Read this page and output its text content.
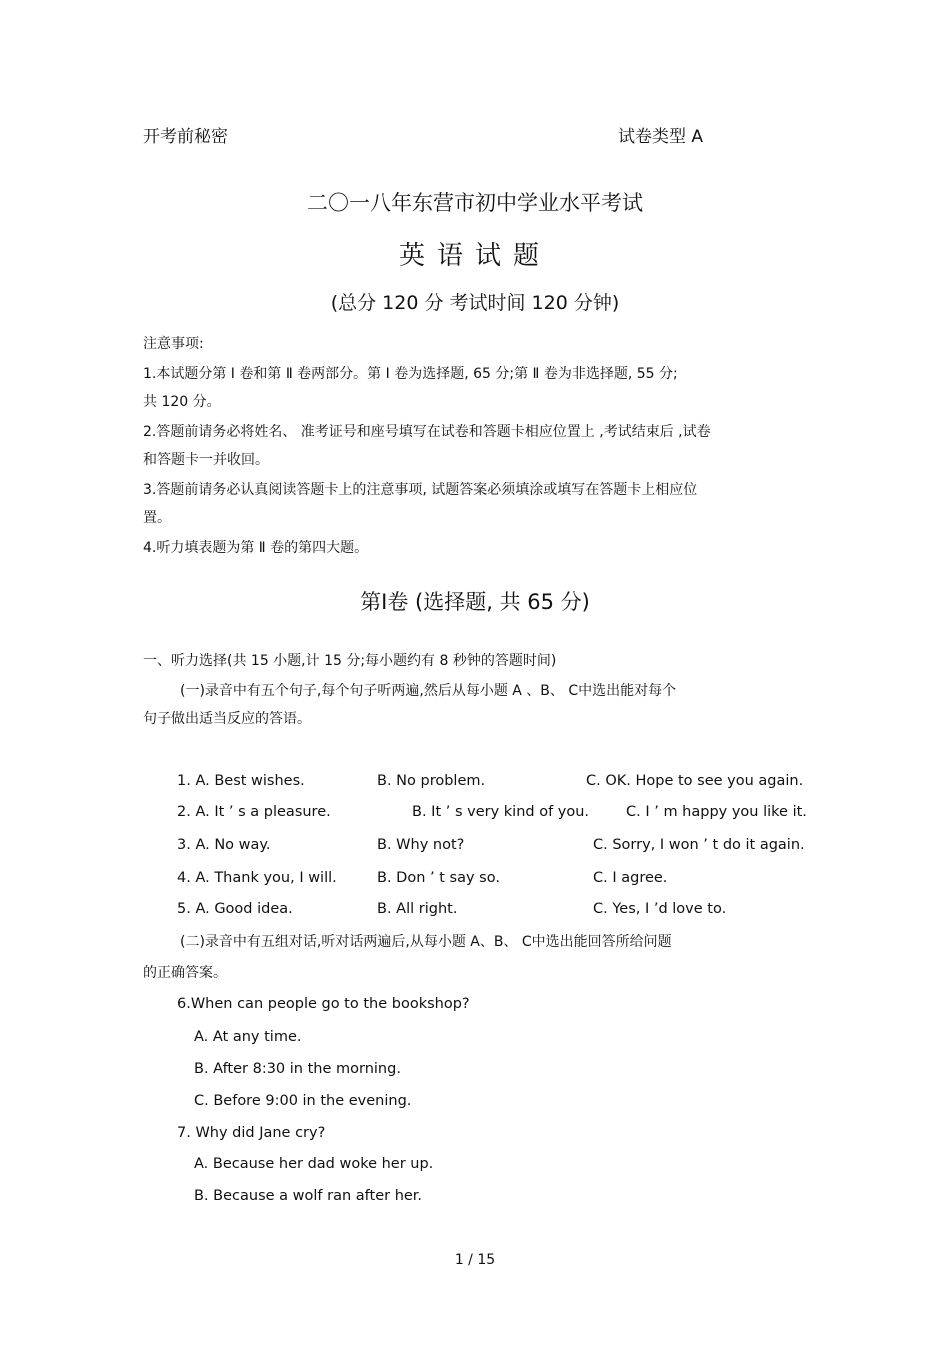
开考前秘密	试卷类型 A
二〇一八年东营市初中学业水平考试
英语试题
(总分 120 分 考试时间 120 分钟)
注意事项:
1.本试题分第 Ⅰ 卷和第 Ⅱ 卷两部分。第 Ⅰ 卷为选择题, 65 分;第 Ⅱ 卷为非选择题, 55 分;
共 120 分。
2.答题前请务必将姓名、 准考证号和座号填写在试卷和答题卡相应位置上 ,考试结束后 ,试卷
和答题卡一并收回。
3.答题前请务必认真阅读答题卡上的注意事项, 试题答案必须填涂或填写在答题卡上相应位
置。
4.听力填表题为第 Ⅱ 卷的第四大题。
第Ⅰ卷 (选择题, 共 65 分)
一、听力选择(共 15 小题,计 15 分;每小题约有 8 秒钟的答题时间)
(一)录音中有五个句子,每个句子听两遍,然后从每小题 A 、B、 C中选出能对每个
句子做出适当反应的答语。
1. A. Best wishes.	B. No problem.	C. OK. Hope to see you again.
2. A. It ’ s a pleasure.	B. It ’ s very kind of you.	C. I ’ m happy you like it.
3. A. No way.	B. Why not?	C. Sorry, I won ’ t do it again.
4. A. Thank you, I will.	B. Don ’ t say so.	C. I agree.
5. A. Good idea.	B. All right.	C. Yes, I ’d love to.
(二)录音中有五组对话,听对话两遍后,从每小题 A、B、 C中选出能回答所给问题
的正确答案。
6.When can people go to the bookshop?
A. At any time.
B. After 8:30 in the morning.
C. Before 9:00 in the evening.
7. Why did Jane cry?
A. Because her dad woke her up.
B. Because a wolf ran after her.
1 / 15
